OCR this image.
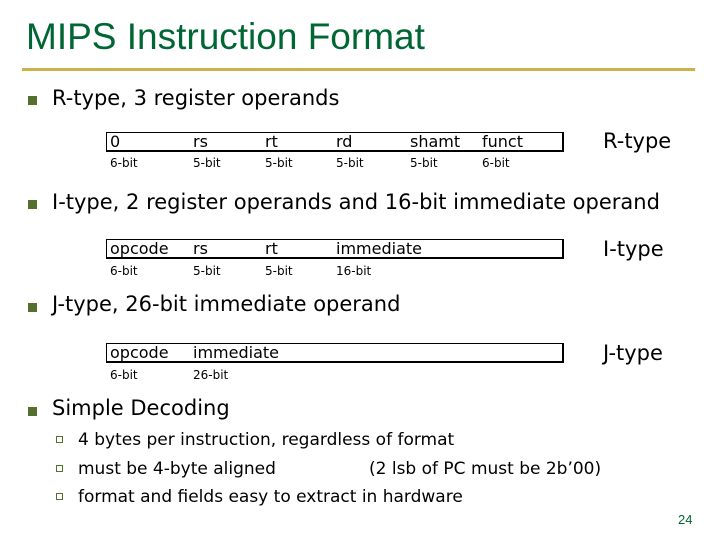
MIPS Instruction Format
R-type, 3 register operands
0	rs	rt	rd	shamt funct
6-bit	5-bit	5-bit	5-bit	5-bit	6-bit
R-type
I-type, 2 register operands and 16-bit immediate operand
opcode rs	rt	immediate
6-bit	5-bit	5-bit	16-bit
I-type
J-type, 26-bit immediate operand
opcode immediate
6-bit	26-bit
J-type
Simple Decoding
4 bytes per instruction, regardless of format
must be 4-byte aligned	(2 lsb of PC must be 2b’00)
format and fields easy to extract in hardware
24
